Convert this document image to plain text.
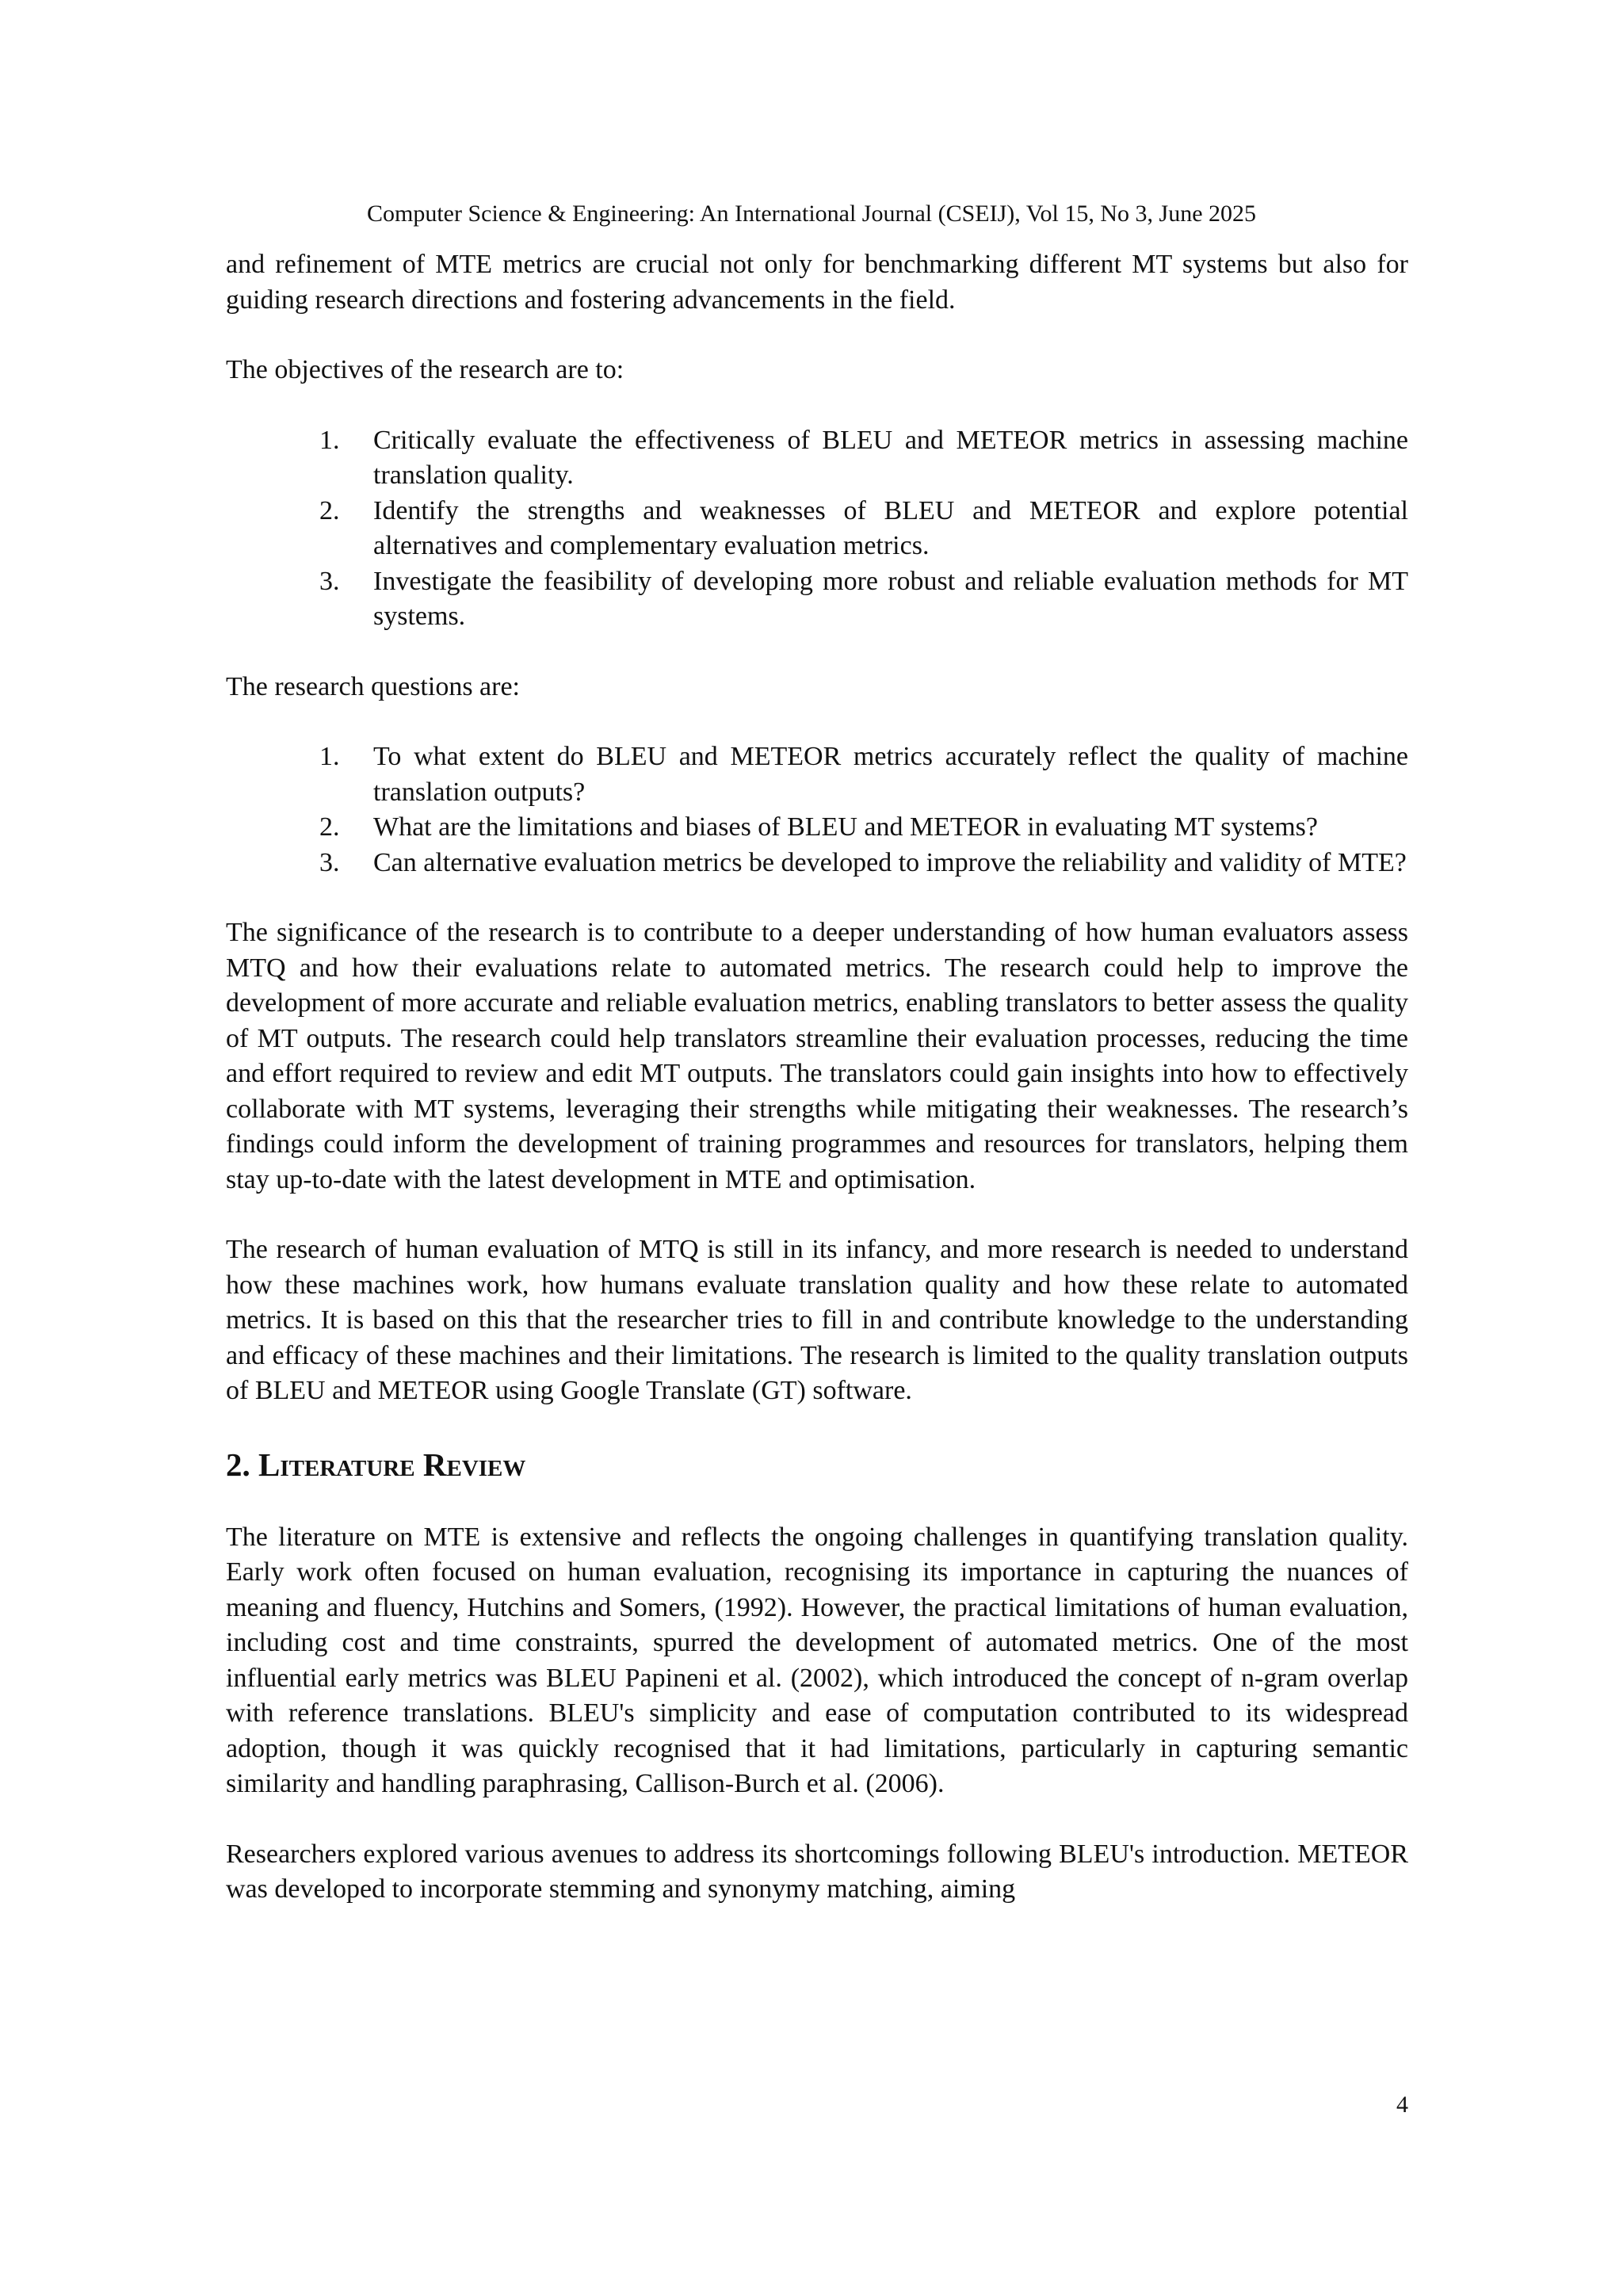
Computer Science & Engineering: An International Journal (CSEIJ), Vol 15, No 3, June 2025

and refinement of MTE metrics are crucial not only for benchmarking different MT systems but also for guiding research directions and fostering advancements in the field.

The objectives of the research are to:

1.	Critically evaluate the effectiveness of BLEU and METEOR metrics in assessing machine translation quality.
2.	Identify the strengths and weaknesses of BLEU and METEOR and explore potential alternatives and complementary evaluation metrics.
3.	Investigate the feasibility of developing more robust and reliable evaluation methods for MT systems.

The research questions are:

1.	To what extent do BLEU and METEOR metrics accurately reflect the quality of machine translation outputs?
2.	What are the limitations and biases of BLEU and METEOR in evaluating MT systems?
3.	Can alternative evaluation metrics be developed to improve the reliability and validity of MTE?

The significance of the research is to contribute to a deeper understanding of how human evaluators assess MTQ and how their evaluations relate to automated metrics. The research could help to improve the development of more accurate and reliable evaluation metrics, enabling translators to better assess the quality of MT outputs. The research could help translators streamline their evaluation processes, reducing the time and effort required to review and edit MT outputs. The translators could gain insights into how to effectively collaborate with MT systems, leveraging their strengths while mitigating their weaknesses. The research’s findings could inform the development of training programmes and resources for translators, helping them stay up-to-date with the latest development in MTE and optimisation.

The research of human evaluation of MTQ is still in its infancy, and more research is needed to understand how these machines work, how humans evaluate translation quality and how these relate to automated metrics. It is based on this that the researcher tries to fill in and contribute knowledge to the understanding and efficacy of these machines and their limitations. The research is limited to the quality translation outputs of BLEU and METEOR using Google Translate (GT) software.

2. Literature Review

The literature on MTE is extensive and reflects the ongoing challenges in quantifying translation quality. Early work often focused on human evaluation, recognising its importance in capturing the nuances of meaning and fluency, Hutchins and Somers, (1992). However, the practical limitations of human evaluation, including cost and time constraints, spurred the development of automated metrics. One of the most influential early metrics was BLEU Papineni et al. (2002), which introduced the concept of n-gram overlap with reference translations. BLEU's simplicity and ease of computation contributed to its widespread adoption, though it was quickly recognised that it had limitations, particularly in capturing semantic similarity and handling paraphrasing, Callison-Burch et al. (2006).

Researchers explored various avenues to address its shortcomings following BLEU's introduction. METEOR was developed to incorporate stemming and synonymy matching, aiming

4
